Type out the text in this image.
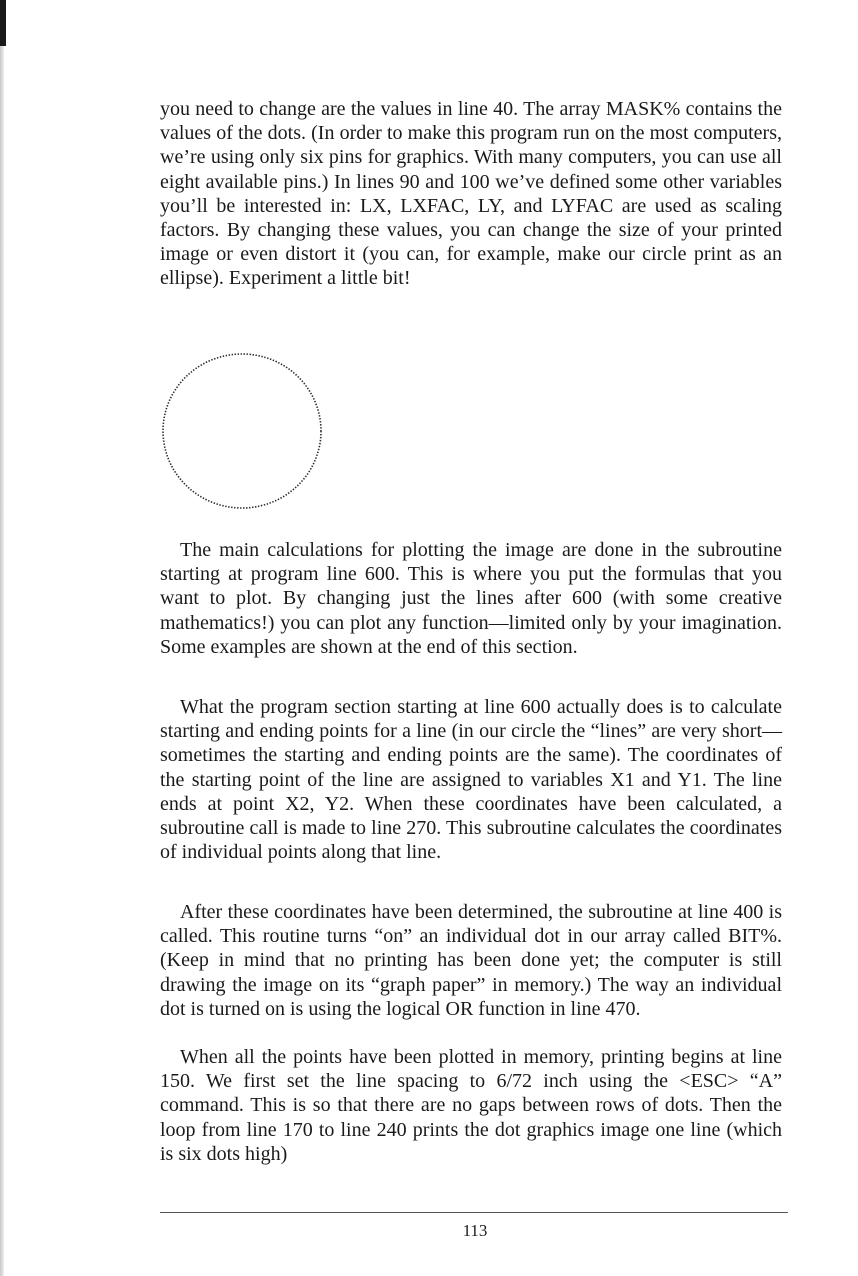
you need to change are the values in line 40. The array MASK% contains the values of the dots. (In order to make this program run on the most computers, we’re using only six pins for graphics. With many computers, you can use all eight available pins.) In lines 90 and 100 we’ve defined some other variables you’ll be interested in: LX, LXFAC, LY, and LYFAC are used as scaling factors. By changing these values, you can change the size of your printed image or even distort it (you can, for example, make our circle print as an ellipse). Experiment a little bit!

The main calculations for plotting the image are done in the subroutine starting at program line 600. This is where you put the formulas that you want to plot. By changing just the lines after 600 (with some creative mathematics!) you can plot any function—limited only by your imagination. Some examples are shown at the end of this section.

What the program section starting at line 600 actually does is to calculate starting and ending points for a line (in our circle the “lines” are very short—sometimes the starting and ending points are the same). The coordinates of the starting point of the line are assigned to variables X1 and Y1. The line ends at point X2, Y2. When these coordinates have been calculated, a subroutine call is made to line 270. This subroutine calculates the coordinates of individual points along that line.

After these coordinates have been determined, the subroutine at line 400 is called. This routine turns “on” an individual dot in our array called BIT%. (Keep in mind that no printing has been done yet; the computer is still drawing the image on its “graph paper” in memory.) The way an individual dot is turned on is using the logical OR function in line 470.

When all the points have been plotted in memory, printing begins at line 150. We first set the line spacing to 6/72 inch using the <ESC> “A” command. This is so that there are no gaps between rows of dots. Then the loop from line 170 to line 240 prints the dot graphics image one line (which is six dots high)

113
